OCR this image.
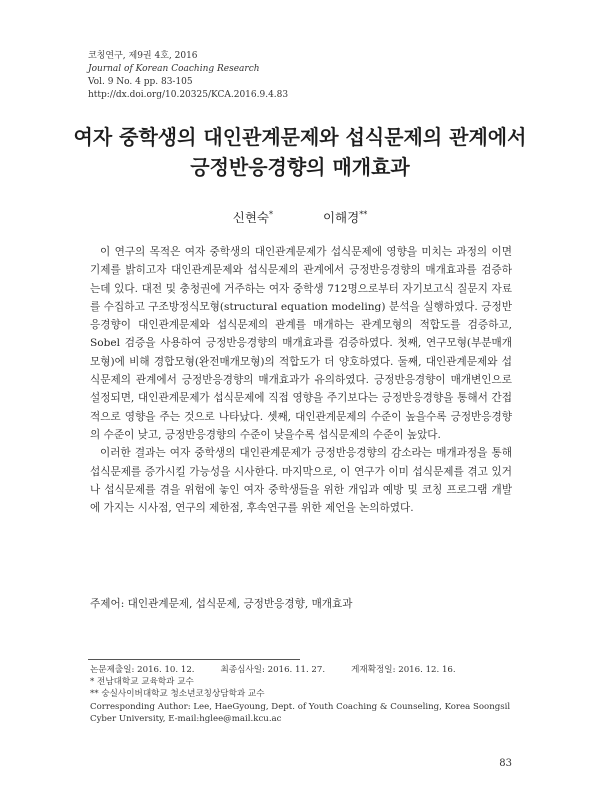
코칭연구, 제9권 4호, 2016
Journal of Korean Coaching Research
Vol. 9 No. 4 pp. 83-105
http://dx.doi.org/10.20325/KCA.2016.9.4.83
여자 중학생의 대인관계문제와 섭식문제의 관계에서
긍정반응경향의 매개효과
신현숙*	이해경**

이 연구의 목적은 여자 중학생의 대인관계문제가 섭식문제에 영향을 미치는 과정의 이면기제를 밝히고자 대인관계문제와 섭식문제의 관계에서 긍정반응경향의 매개효과를 검증하는데 있다. 대전 및 충청권에 거주하는 여자 중학생 712명으로부터 자기보고식 질문지 자료를 수집하고 구조방정식모형(structural equation modeling) 분석을 실행하였다. 긍정반응경향이 대인관계문제와 섭식문제의 관계를 매개하는 관계모형의 적합도를 검증하고, Sobel 검증을 사용하여 긍정반응경향의 매개효과를 검증하였다. 첫째, 연구모형(부분매개모형)에 비해 경합모형(완전매개모형)의 적합도가 더 양호하였다. 둘째, 대인관계문제와 섭식문제의 관계에서 긍정반응경향의 매개효과가 유의하였다. 긍정반응경향이 매개변인으로 설정되면, 대인관계문제가 섭식문제에 직접 영향을 주기보다는 긍정반응경향을 통해서 간접적으로 영향을 주는 것으로 나타났다. 셋째, 대인관계문제의 수준이 높을수록 긍정반응경향의 수준이 낮고, 긍정반응경향의 수준이 낮을수록 섭식문제의 수준이 높았다.

이러한 결과는 여자 중학생의 대인관계문제가 긍정반응경향의 감소라는 매개과정을 통해 섭식문제를 증가시킬 가능성을 시사한다. 마지막으로, 이 연구가 이미 섭식문제를 겪고 있거나 섭식문제를 겪을 위험에 놓인 여자 중학생들을 위한 개입과 예방 및 코칭 프로그램 개발에 가지는 시사점, 연구의 제한점, 후속연구를 위한 제언을 논의하였다.

주제어: 대인관계문제, 섭식문제, 긍정반응경향, 매개효과
논문제출일: 2016. 10. 12.	최종심사일: 2016. 11. 27.	게재확정일: 2016. 12. 16.
* 전남대학교 교육학과 교수
** 숭실사이버대학교 청소년코칭상담학과 교수
Corresponding Author: Lee, HaeGyoung, Dept. of Youth Coaching & Counseling, Korea Soongsil Cyber University, E-mail:hglee@mail.kcu.ac
83
